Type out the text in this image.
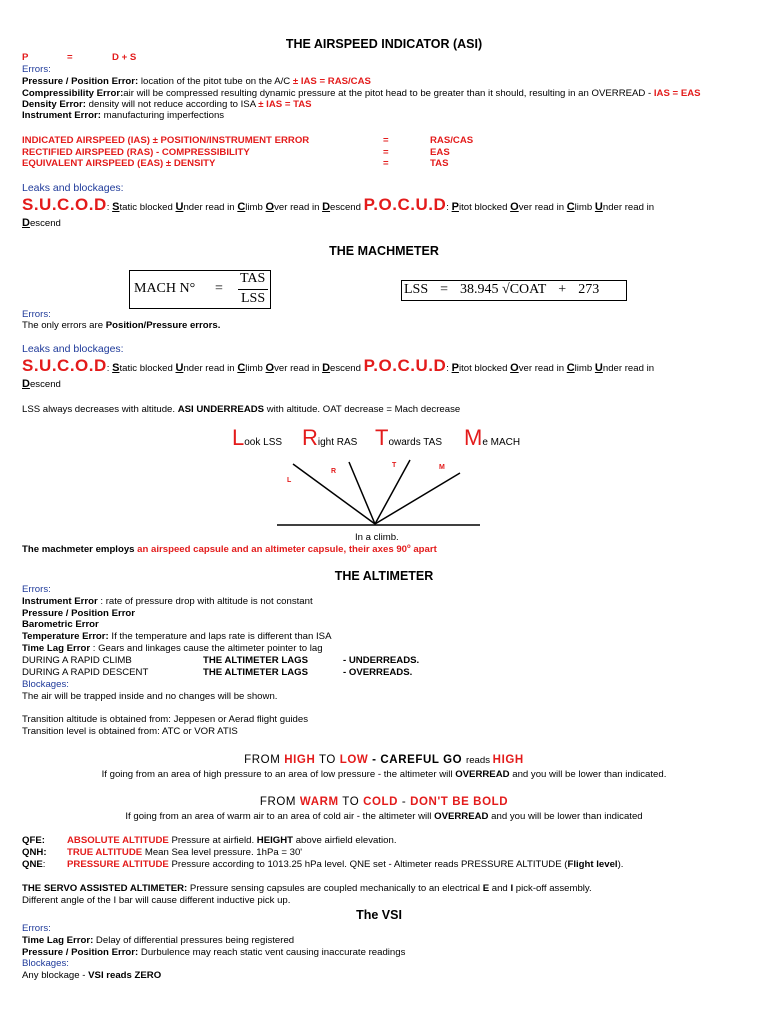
THE AIRSPEED INDICATOR (ASI)
P	=	D + S
Errors:
Pressure / Position Error: location of the pitot tube on the A/C ± IAS = RAS/CAS
Compressibility Error:air will be compressed resulting dynamic pressure at the pitot head to be greater than it should, resulting in an OVERREAD - IAS = EAS
Density Error: density will not reduce according to ISA ± IAS = TAS
Instrument Error: manufacturing imperfections
INDICATED AIRSPEED (IAS) ± POSITION/INSTRUMENT ERROR	=	RAS/CAS
RECTIFIED AIRSPEED (RAS) - COMPRESSIBILITY	=	EAS
EQUIVALENT AIRSPEED (EAS) ± DENSITY	=	TAS
Leaks and blockages:
S.U.C.O.D: Static blocked Under read in Climb Over read in Descend P.O.C.U.D: Pitot blocked Over read in Climb Under read in
Descend
THE MACHMETER
MACH N° =
TAS
LSS
LSS = 38.945 √COAT + 273
Errors:
The only errors are Position/Pressure errors.
Leaks and blockages:
S.U.C.O.D: Static blocked Under read in Climb Over read in Descend P.O.C.U.D: Pitot blocked Over read in Climb Under read in
Descend
LSS always decreases with altitude. ASI UNDERREADS with altitude. OAT decrease = Mach decrease
Look LSS Right RAS Towards TAS Me MACH
L
R
T	M
In a climb.
The machmeter employs an airspeed capsule and an altimeter capsule, their axes 90$^o$ apart
THE ALTIMETER
Errors:
Instrument Error : rate of pressure drop with altitude is not constant
Pressure / Position Error
Barometric Error
Temperature Error: If the temperature and laps rate is different than ISA
Time Lag Error : Gears and linkages cause the altimeter pointer to lag
DURING A RAPID CLIMB	THE ALTIMETER LAGS	- UNDERREADS.
DURING A RAPID DESCENT	THE ALTIMETER LAGS	- OVERREADS.
Blockages:
The air will be trapped inside and no changes will be shown.
Transition altitude is obtained from: Jeppesen or Aerad flight guides
Transition level is obtained from: ATC or VOR ATIS
FROM HIGH TO LOW - CAREFUL GO reads HIGH
If going from an area of high pressure to an area of low pressure - the altimeter will OVERREAD and you will be lower than indicated.
FROM WARM TO COLD - DON'T BE BOLD
If going from an area of warm air to an area of cold air - the altimeter will OVERREAD and you will be lower than indicated
QFE: ABSOLUTE ALTITUDE Pressure at airfield. HEIGHT above airfield elevation.
QNH: TRUE ALTITUDE Mean Sea level pressure. 1hPa = 30'
QNE: PRESSURE ALTITUDE Pressure according to 1013.25 hPa level. QNE set - Altimeter reads PRESSURE ALTITUDE (Flight level).
THE SERVO ASSISTED ALTIMETER: Pressure sensing capsules are coupled mechanically to an electrical E and I pick-off assembly.
Different angle of the I bar will cause different inductive pick up.
The VSI
Errors:
Time Lag Error: Delay of differential pressures being registered
Pressure / Position Error: Durbulence may reach static vent causing inaccurate readings
Blockages:
Any blockage - VSI reads ZERO
